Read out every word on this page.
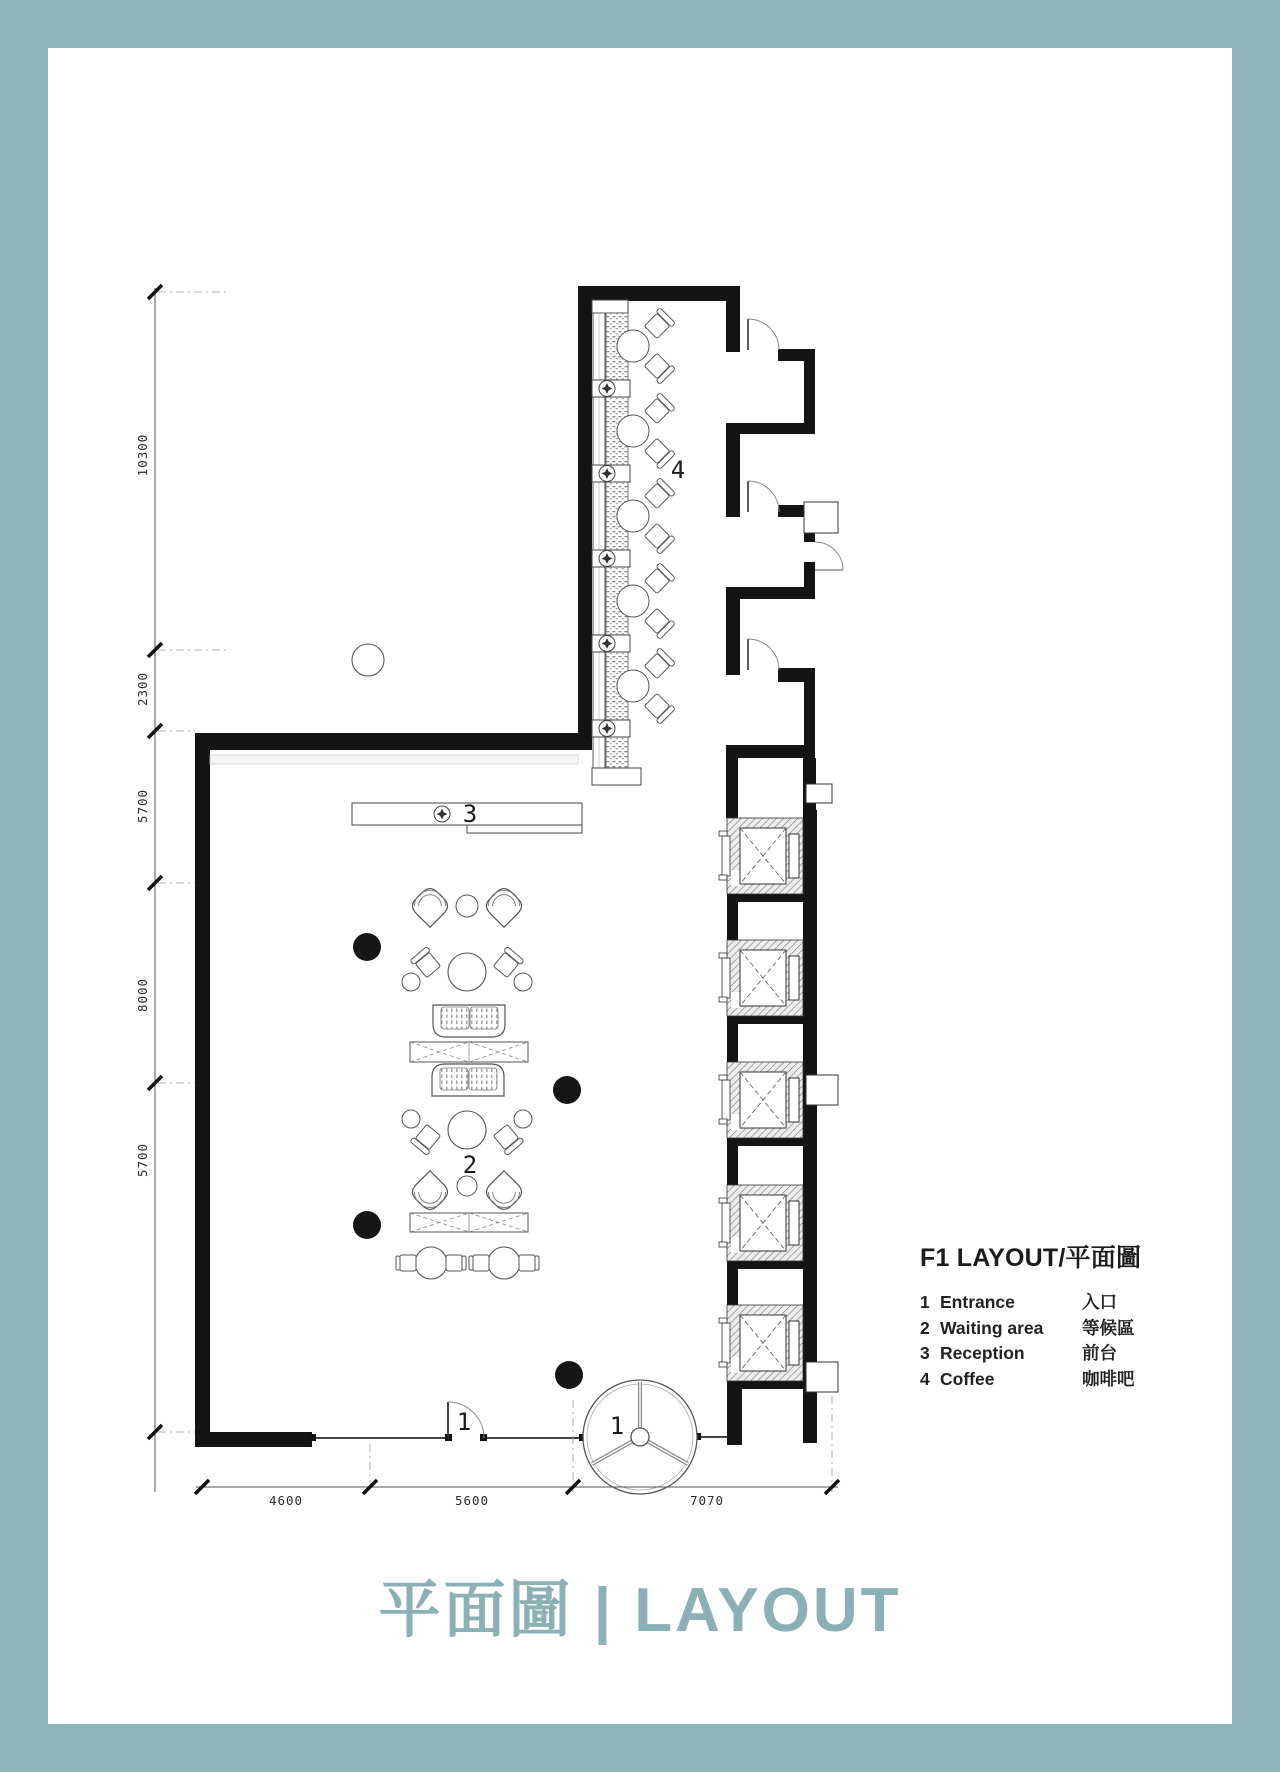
10300
2300
5700
8000
5700
4600	5600	7070
4
3
2
1	1
F1 LAYOUT/平面圖
1 Entrance	入口
2 Waiting area 等候區
3 Reception	前台
4 Coffee	咖啡吧
平面圖 | LAYOUT
